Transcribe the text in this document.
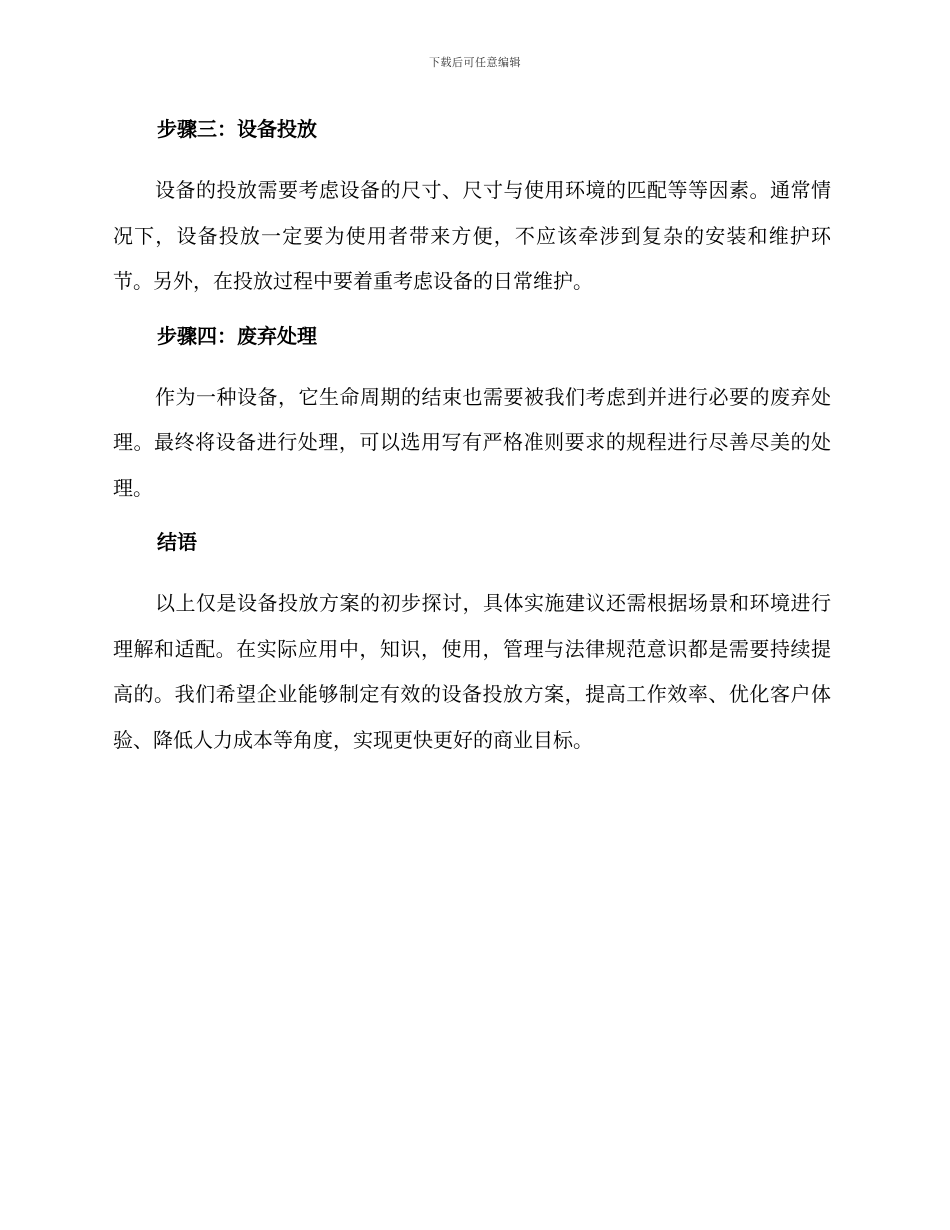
下载后可任意编辑
步骤三：设备投放

设备的投放需要考虑设备的尺寸、尺寸与使用环境的匹配等等因素。通常情况下，设备投放一定要为使用者带来方便，不应该牵涉到复杂的安装和维护环节。另外，在投放过程中要着重考虑设备的日常维护。

步骤四：废弃处理

作为一种设备，它生命周期的结束也需要被我们考虑到并进行必要的废弃处理。最终将设备进行处理，可以选用写有严格准则要求的规程进行尽善尽美的处理。

结语

以上仅是设备投放方案的初步探讨，具体实施建议还需根据场景和环境进行理解和适配。在实际应用中，知识，使用，管理与法律规范意识都是需要持续提高的。我们希望企业能够制定有效的设备投放方案，提高工作效率、优化客户体验、降低人力成本等角度，实现更快更好的商业目标。
